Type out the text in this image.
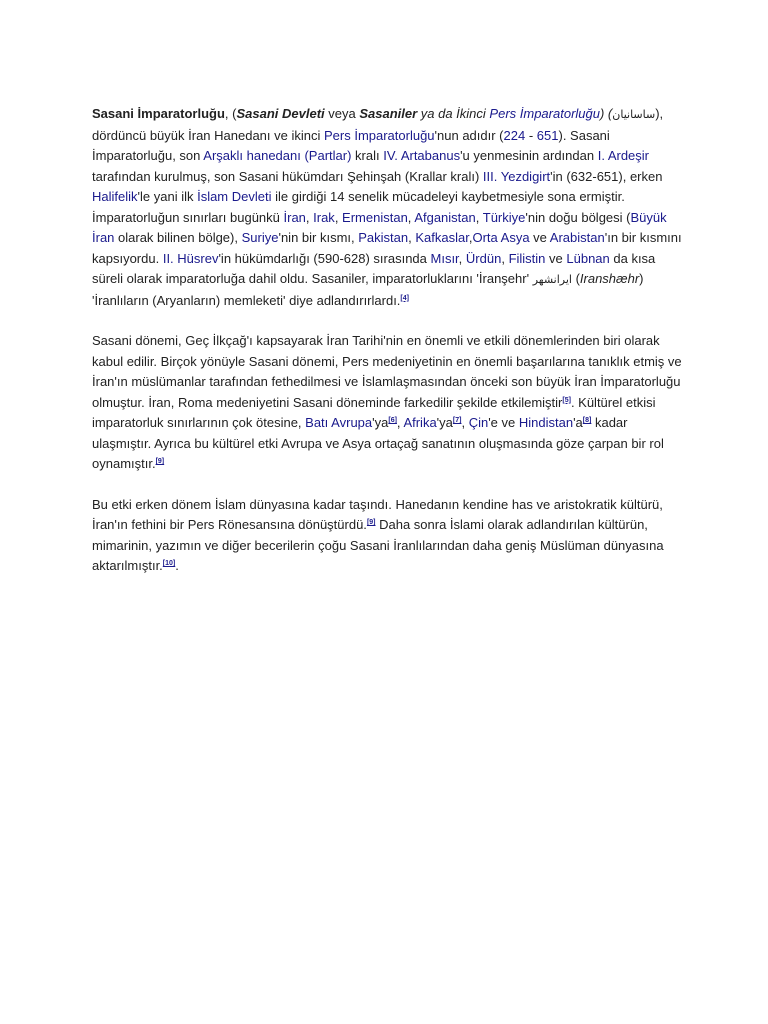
Sasani İmparatorluğu, (Sasani Devleti veya Sasaniler ya da İkinci Pers İmparatorluğu) (ساسانيان), dördüncü büyük İran Hanedanı ve ikinci Pers İmparatorluğu'nun adıdır (224 - 651). Sasani İmparatorluğu, son Arşaklı hanedanı (Partlar) kralı IV. Artabanus'u yenmesinin ardından I. Ardeşir tarafından kurulmuş, son Sasani hükümdarı Şehinşah (Krallar kralı) III. Yezdigirt'in (632-651), erken Halifelik'le yani ilk İslam Devleti ile girdiği 14 senelik mücadeleyi kaybetmesiyle sona ermiştir. İmparatorluğun sınırları bugünkü İran, Irak, Ermenistan, Afganistan, Türkiye'nin doğu bölgesi (Büyük İran olarak bilinen bölge), Suriye'nin bir kısmı, Pakistan, Kafkaslar,Orta Asya ve Arabistan'ın bir kısmını kapsıyordu. II. Hüsrev'in hükümdarlığı (590-628) sırasında Mısır, Ürdün, Filistin ve Lübnan da kısa süreli olarak imparatorluğa dahil oldu. Sasaniler, imparatorluklarını 'İranşehr' ايرانشهر (Iranshæhr) 'İranlıların (Aryanların) memleketi' diye adlandırırlardı.[4]

Sasani dönemi, Geç İlkçağ'ı kapsayarak İran Tarihi'nin en önemli ve etkili dönemlerinden biri olarak kabul edilir. Birçok yönüyle Sasani dönemi, Pers medeniyetinin en önemli başarılarına tanıklık etmiş ve İran'ın müslümanlar tarafından fethedilmesi ve İslamlaşmasından önceki son büyük İran İmparatorluğu olmuştur. İran, Roma medeniyetini Sasani döneminde farkedilir şekilde etkilemiştir[5]. Kültürel etkisi imparatorluk sınırlarının çok ötesine, Batı Avrupa'ya[6], Afrika'ya[7], Çin'e ve Hindistan'a[8] kadar ulaşmıştır. Ayrıca bu kültürel etki Avrupa ve Asya ortaçağ sanatının oluşmasında göze çarpan bir rol oynamıştır.[9]

Bu etki erken dönem İslam dünyasına kadar taşındı. Hanedanın kendine has ve aristokratik kültürü, İran'ın fethini bir Pers Rönesansına dönüştürdü.[9] Daha sonra İslami olarak adlandırılan kültürün, mimarinin, yazımın ve diğer becerilerin çoğu Sasani İranlılarından daha geniş Müslüman dünyasına aktarılmıştır.[10].
